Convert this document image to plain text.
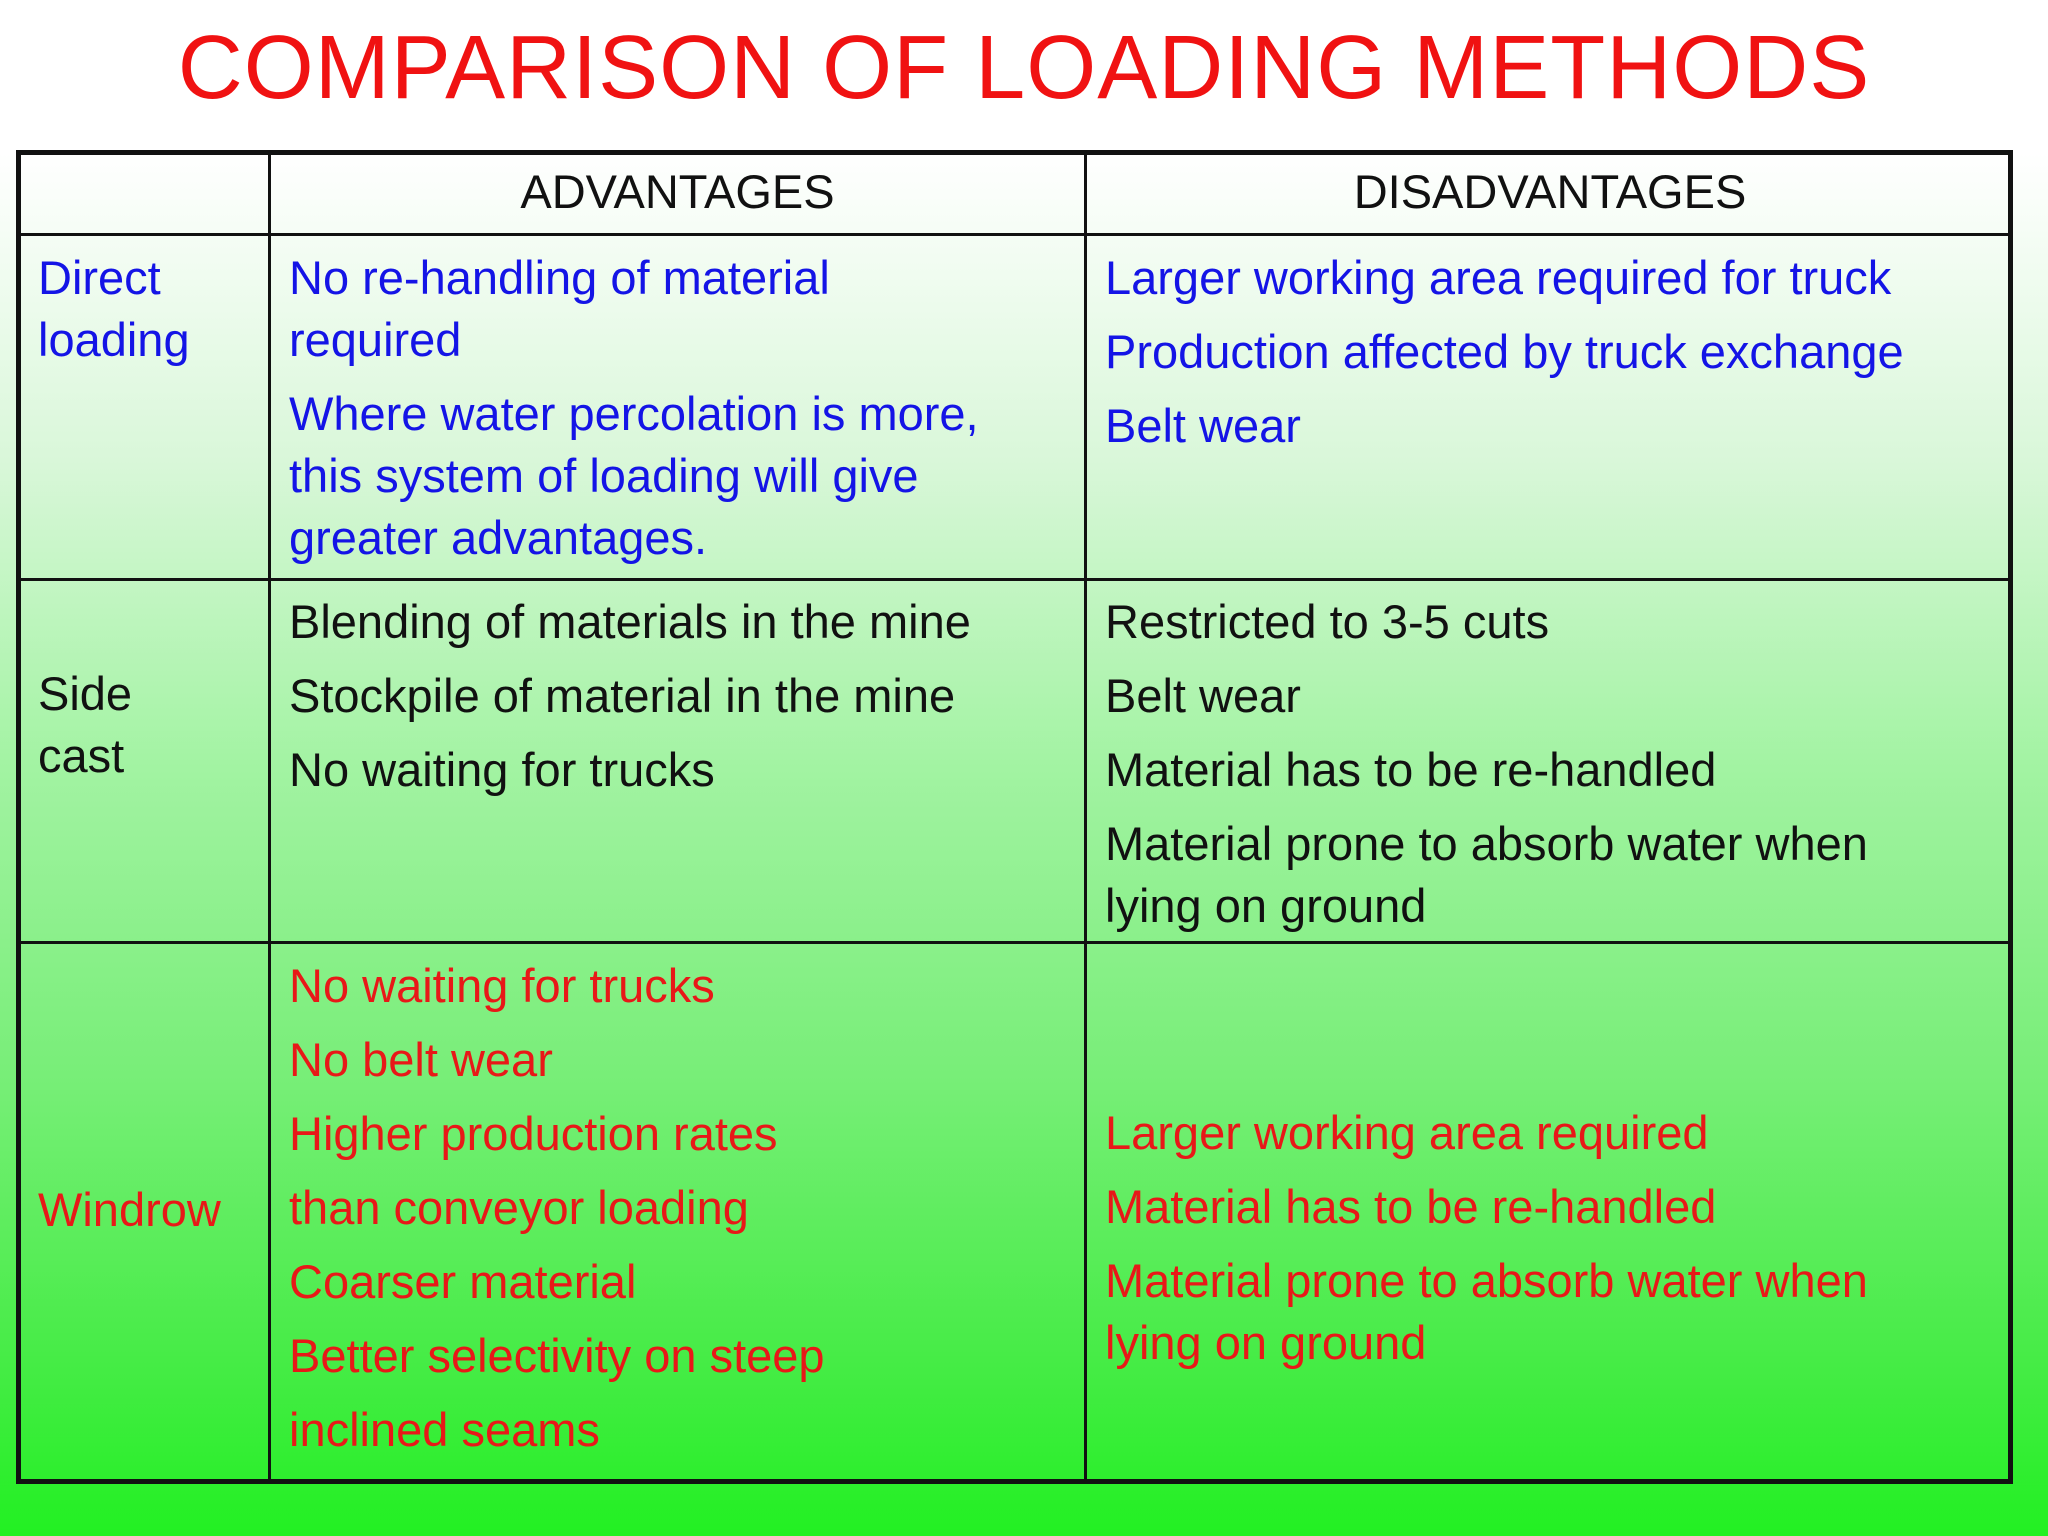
COMPARISON OF LOADING METHODS
ADVANTAGES	DISADVANTAGES
Direct
loading
No re-handling of material
required
Where water percolation is more,
this system of loading will give
greater advantages.
Larger working area required for truck
Production affected by truck exchange
Belt wear
Side
cast
Blending of materials in the mine
Stockpile of material in the mine
No waiting for trucks
Restricted to 3-5 cuts
Belt wear
Material has to be re-handled
Material prone to absorb water when
lying on ground
Windrow
No waiting for trucks
No belt wear
Higher production rates
than conveyor loading
Coarser material
Better selectivity on steep
inclined seams
Larger working area required
Material has to be re-handled
Material prone to absorb water when
lying on ground
